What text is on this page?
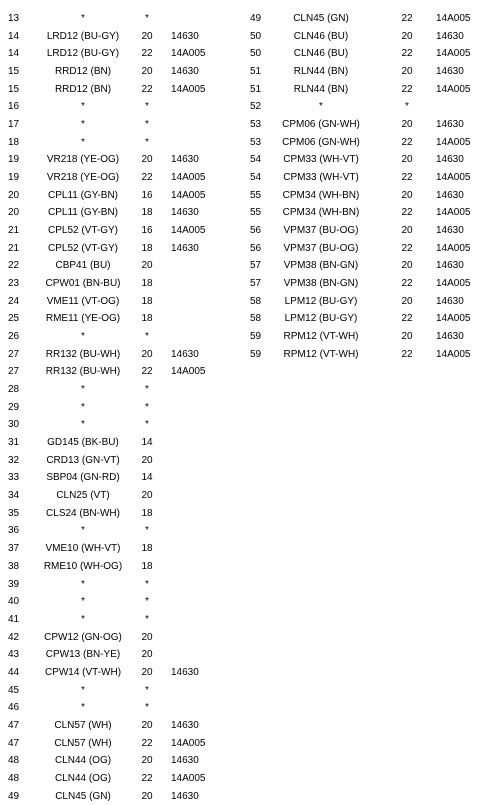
13	*	*
14	LRD12 (BU-GY)	20	14630
14	LRD12 (BU-GY)	22	14A005
15	RRD12 (BN)	20	14630
15	RRD12 (BN)	22	14A005
16	*	*
17	*	*
18	*	*
19	VR218 (YE-OG)	20	14630
19	VR218 (YE-OG)	22	14A005
20	CPL11 (GY-BN)	16	14A005
20	CPL11 (GY-BN)	18	14630
21	CPL52 (VT-GY)	16	14A005
21	CPL52 (VT-GY)	18	14630
22	CBP41 (BU)	20
23	CPW01 (BN-BU)	18
24	VME11 (VT-OG)	18
25	RME11 (YE-OG)	18
26	*	*
27	RR132 (BU-WH)	20	14630
27	RR132 (BU-WH)	22	14A005
28	*	*
29	*	*
30	*	*
31	GD145 (BK-BU)	14
32	CRD13 (GN-VT)	20
33	SBP04 (GN-RD)	14
34	CLN25 (VT)	20
35	CLS24 (BN-WH)	18
36	*	*
37	VME10 (WH-VT)	18
38	RME10 (WH-OG)	18
39	*	*
40	*	*
41	*	*
42	CPW12 (GN-OG)	20
43	CPW13 (BN-YE)	20
44	CPW14 (VT-WH)	20	14630
45	*	*
46	*	*
47	CLN57 (WH)	20	14630
47	CLN57 (WH)	22	14A005
48	CLN44 (OG)	20	14630
48	CLN44 (OG)	22	14A005
49	CLN45 (GN)	20	14630
49	CLN45 (GN)	22	14A005
50	CLN46 (BU)	20	14630
50	CLN46 (BU)	22	14A005
51	RLN44 (BN)	20	14630
51	RLN44 (BN)	22	14A005
52	*	*
53	CPM06 (GN-WH)	20	14630
53	CPM06 (GN-WH)	22	14A005
54	CPM33 (WH-VT)	20	14630
54	CPM33 (WH-VT)	22	14A005
55	CPM34 (WH-BN)	20	14630
55	CPM34 (WH-BN)	22	14A005
56	VPM37 (BU-OG)	20	14630
56	VPM37 (BU-OG)	22	14A005
57	VPM38 (BN-GN)	20	14630
57	VPM38 (BN-GN)	22	14A005
58	LPM12 (BU-GY)	20	14630
58	LPM12 (BU-GY)	22	14A005
59	RPM12 (VT-WH)	20	14630
59	RPM12 (VT-WH)	22	14A005
